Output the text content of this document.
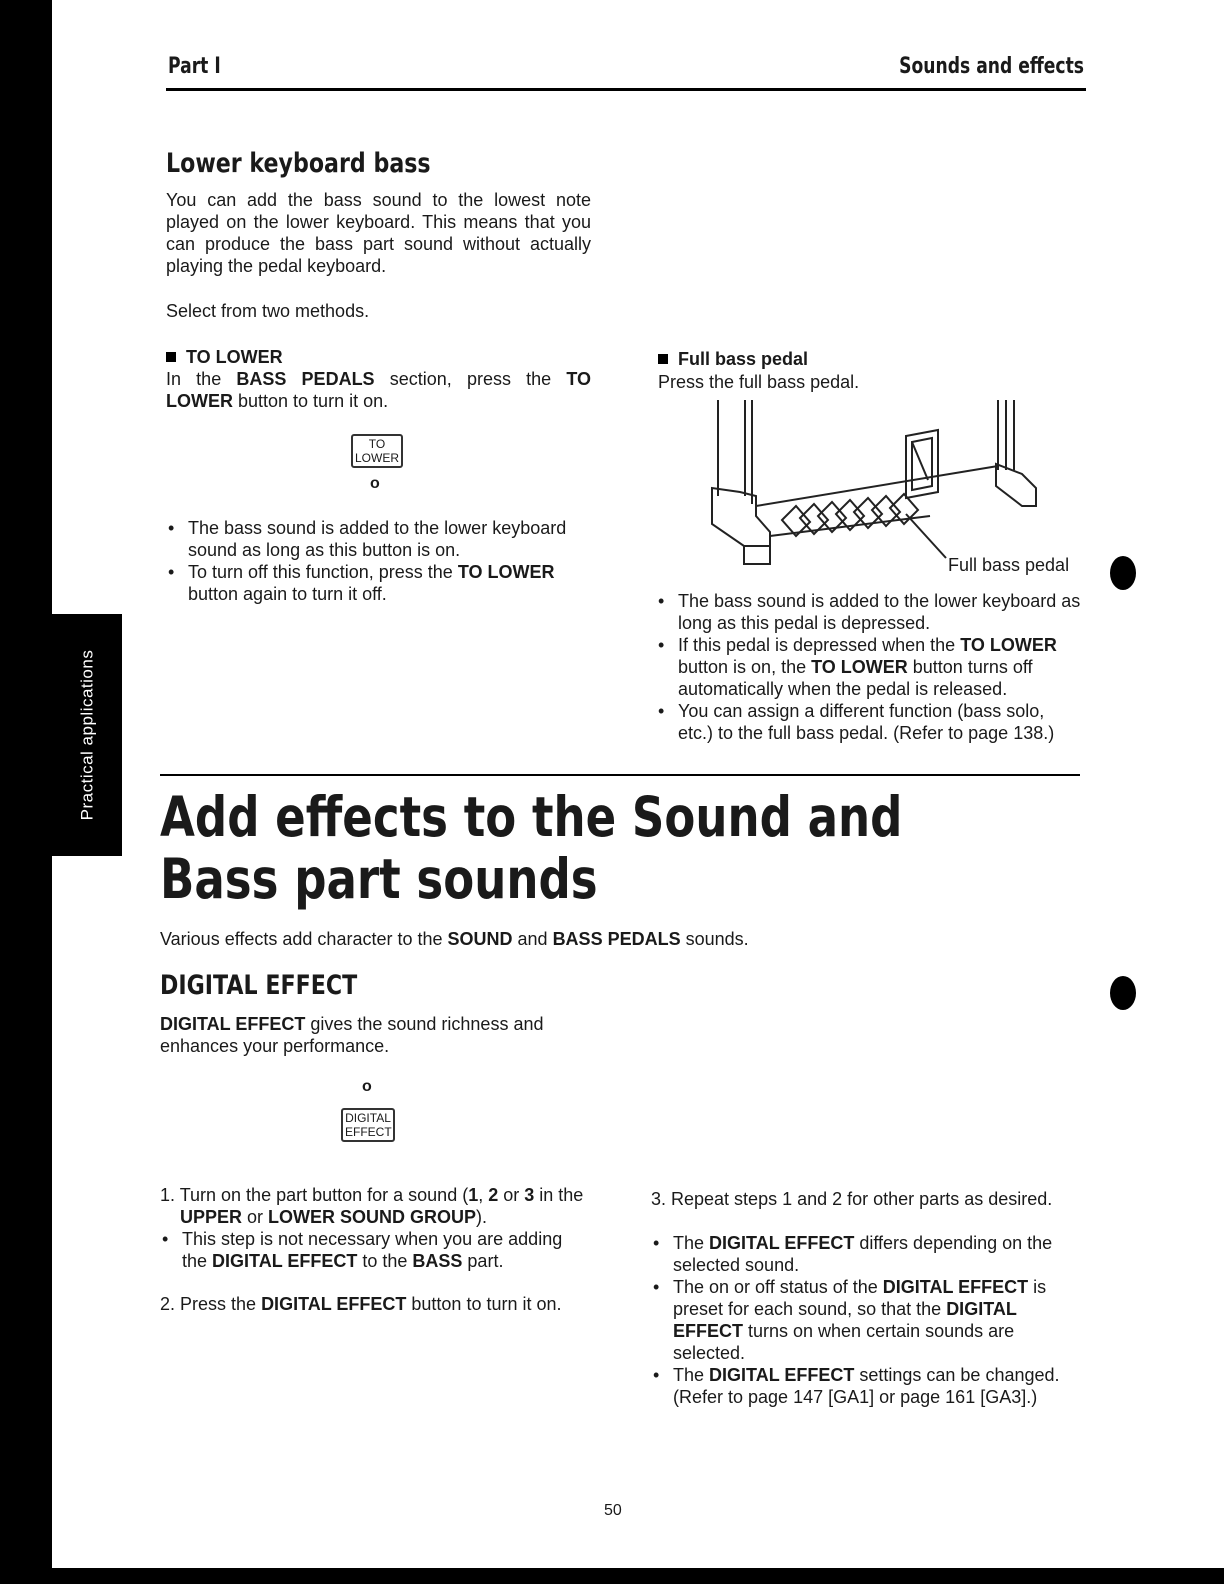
Practical applications
Part I	Sounds and effects
Lower keyboard bass
You can add the bass sound to the lowest note played on the lower keyboard. This means that you can produce the bass part sound without actually playing the pedal keyboard.
Select from two methods.
TO LOWER
In the BASS PEDALS section, press the TO LOWER button to turn it on.
TO
LOWER
o
• The bass sound is added to the lower keyboard sound as long as this button is on.
• To turn off this function, press the TO LOWER button again to turn it off.
Full bass pedal
Press the full bass pedal.
Full bass pedal
• The bass sound is added to the lower keyboard as long as this pedal is depressed.
• If this pedal is depressed when the TO LOWER button is on, the TO LOWER button turns off automatically when the pedal is released.
• You can assign a different function (bass solo, etc.) to the full bass pedal. (Refer to page 138.)
Add effects to the Sound and Bass part sounds
Various effects add character to the SOUND and BASS PEDALS sounds.
DIGITAL EFFECT
DIGITAL EFFECT gives the sound richness and enhances your performance.
o
DIGITAL
EFFECT
1. Turn on the part button for a sound (1, 2 or 3 in the UPPER or LOWER SOUND GROUP).
• This step is not necessary when you are adding the DIGITAL EFFECT to the BASS part.
2. Press the DIGITAL EFFECT button to turn it on.
3. Repeat steps 1 and 2 for other parts as desired.
• The DIGITAL EFFECT differs depending on the selected sound.
• The on or off status of the DIGITAL EFFECT is preset for each sound, so that the DIGITAL EFFECT turns on when certain sounds are selected.
• The DIGITAL EFFECT settings can be changed. (Refer to page 147 [GA1] or page 161 [GA3].)
50
